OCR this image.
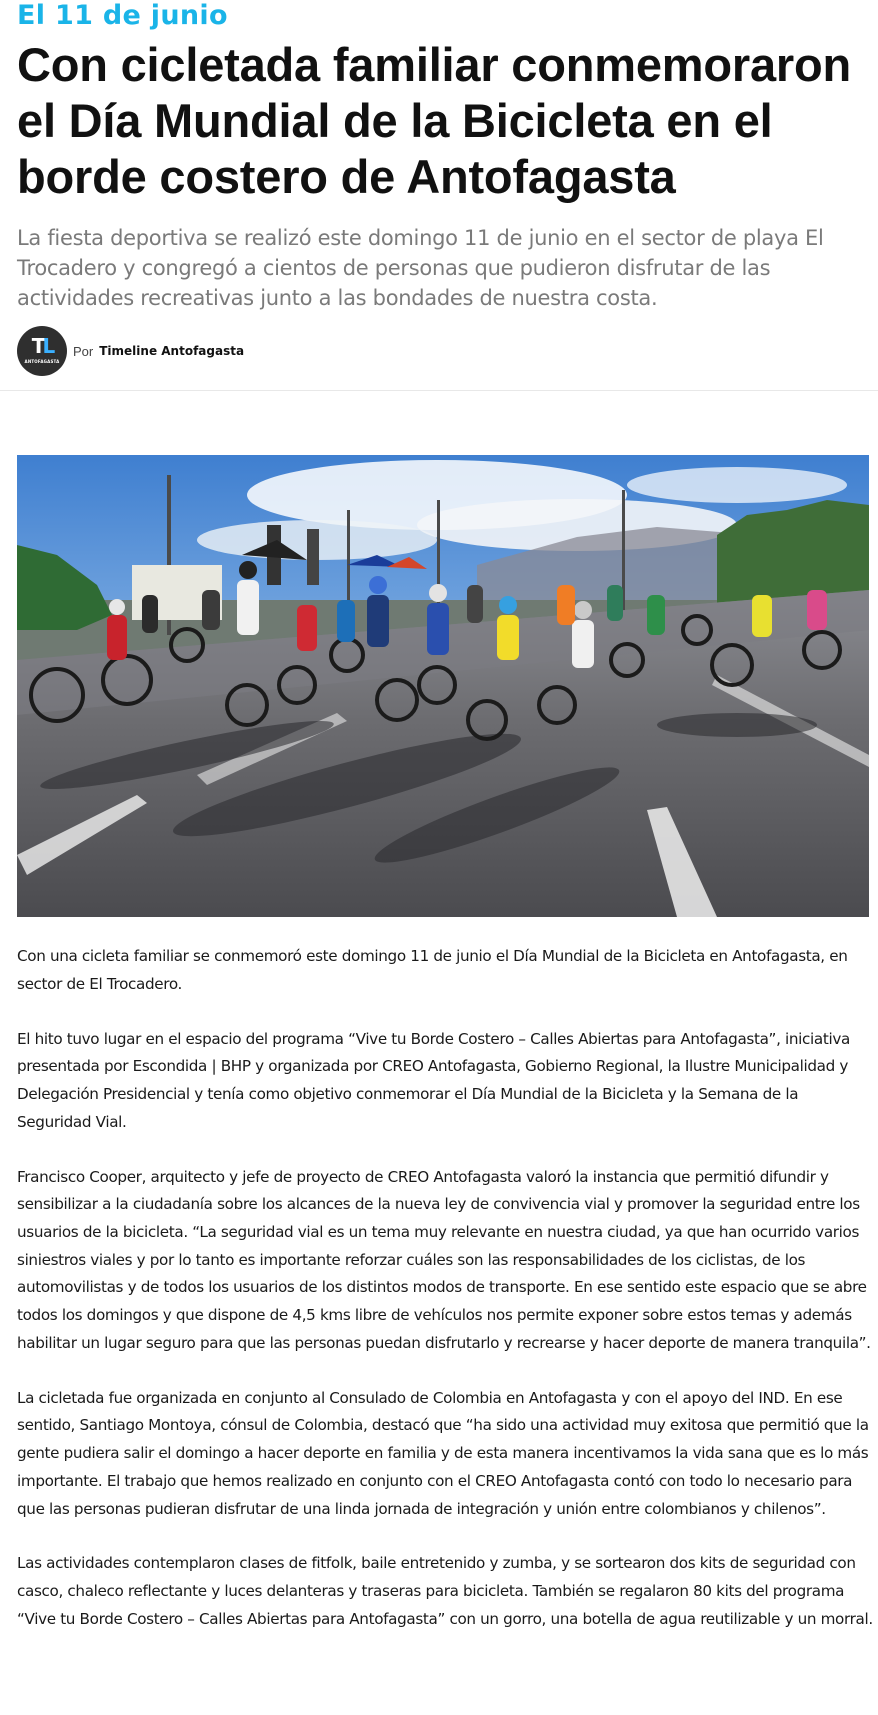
El 11 de junio
Con cicletada familiar conmemoraron el Día Mundial de la Bicicleta en el borde costero de Antofagasta

La fiesta deportiva se realizó este domingo 11 de junio en el sector de playa El Trocadero y congregó a cientos de personas que pudieron disfrutar de las actividades recreativas junto a las bondades de nuestra costa.

TL
ANTOFAGASTA
Por Timeline Antofagasta

Con una cicleta familiar se conmemoró este domingo 11 de junio el Día Mundial de la Bicicleta en Antofagasta, en sector de El Trocadero.

El hito tuvo lugar en el espacio del programa “Vive tu Borde Costero – Calles Abiertas para Antofagasta”, iniciativa presentada por Escondida | BHP y organizada por CREO Antofagasta, Gobierno Regional, la Ilustre Municipalidad y Delegación Presidencial y tenía como objetivo conmemorar el Día Mundial de la Bicicleta y la Semana de la Seguridad Vial.

Francisco Cooper, arquitecto y jefe de proyecto de CREO Antofagasta valoró la instancia que permitió difundir y sensibilizar a la ciudadanía sobre los alcances de la nueva ley de convivencia vial y promover la seguridad entre los usuarios de la bicicleta. “La seguridad vial es un tema muy relevante en nuestra ciudad, ya que han ocurrido varios siniestros viales y por lo tanto es importante reforzar cuáles son las responsabilidades de los ciclistas, de los automovilistas y de todos los usuarios de los distintos modos de transporte. En ese sentido este espacio que se abre todos los domingos y que dispone de 4,5 kms libre de vehículos nos permite exponer sobre estos temas y además habilitar un lugar seguro para que las personas puedan disfrutarlo y recrearse y hacer deporte de manera tranquila”.

La cicletada fue organizada en conjunto al Consulado de Colombia en Antofagasta y con el apoyo del IND. En ese sentido, Santiago Montoya, cónsul de Colombia, destacó que “ha sido una actividad muy exitosa que permitió que la gente pudiera salir el domingo a hacer deporte en familia y de esta manera incentivamos la vida sana que es lo más importante. El trabajo que hemos realizado en conjunto con el CREO Antofagasta contó con todo lo necesario para que las personas pudieran disfrutar de una linda jornada de integración y unión entre colombianos y chilenos”.

Las actividades contemplaron clases de fitfolk, baile entretenido y zumba, y se sortearon dos kits de seguridad con casco, chaleco reflectante y luces delanteras y traseras para bicicleta. También se regalaron 80 kits del programa “Vive tu Borde Costero – Calles Abiertas para Antofagasta” con un gorro, una botella de agua reutilizable y un morral.
